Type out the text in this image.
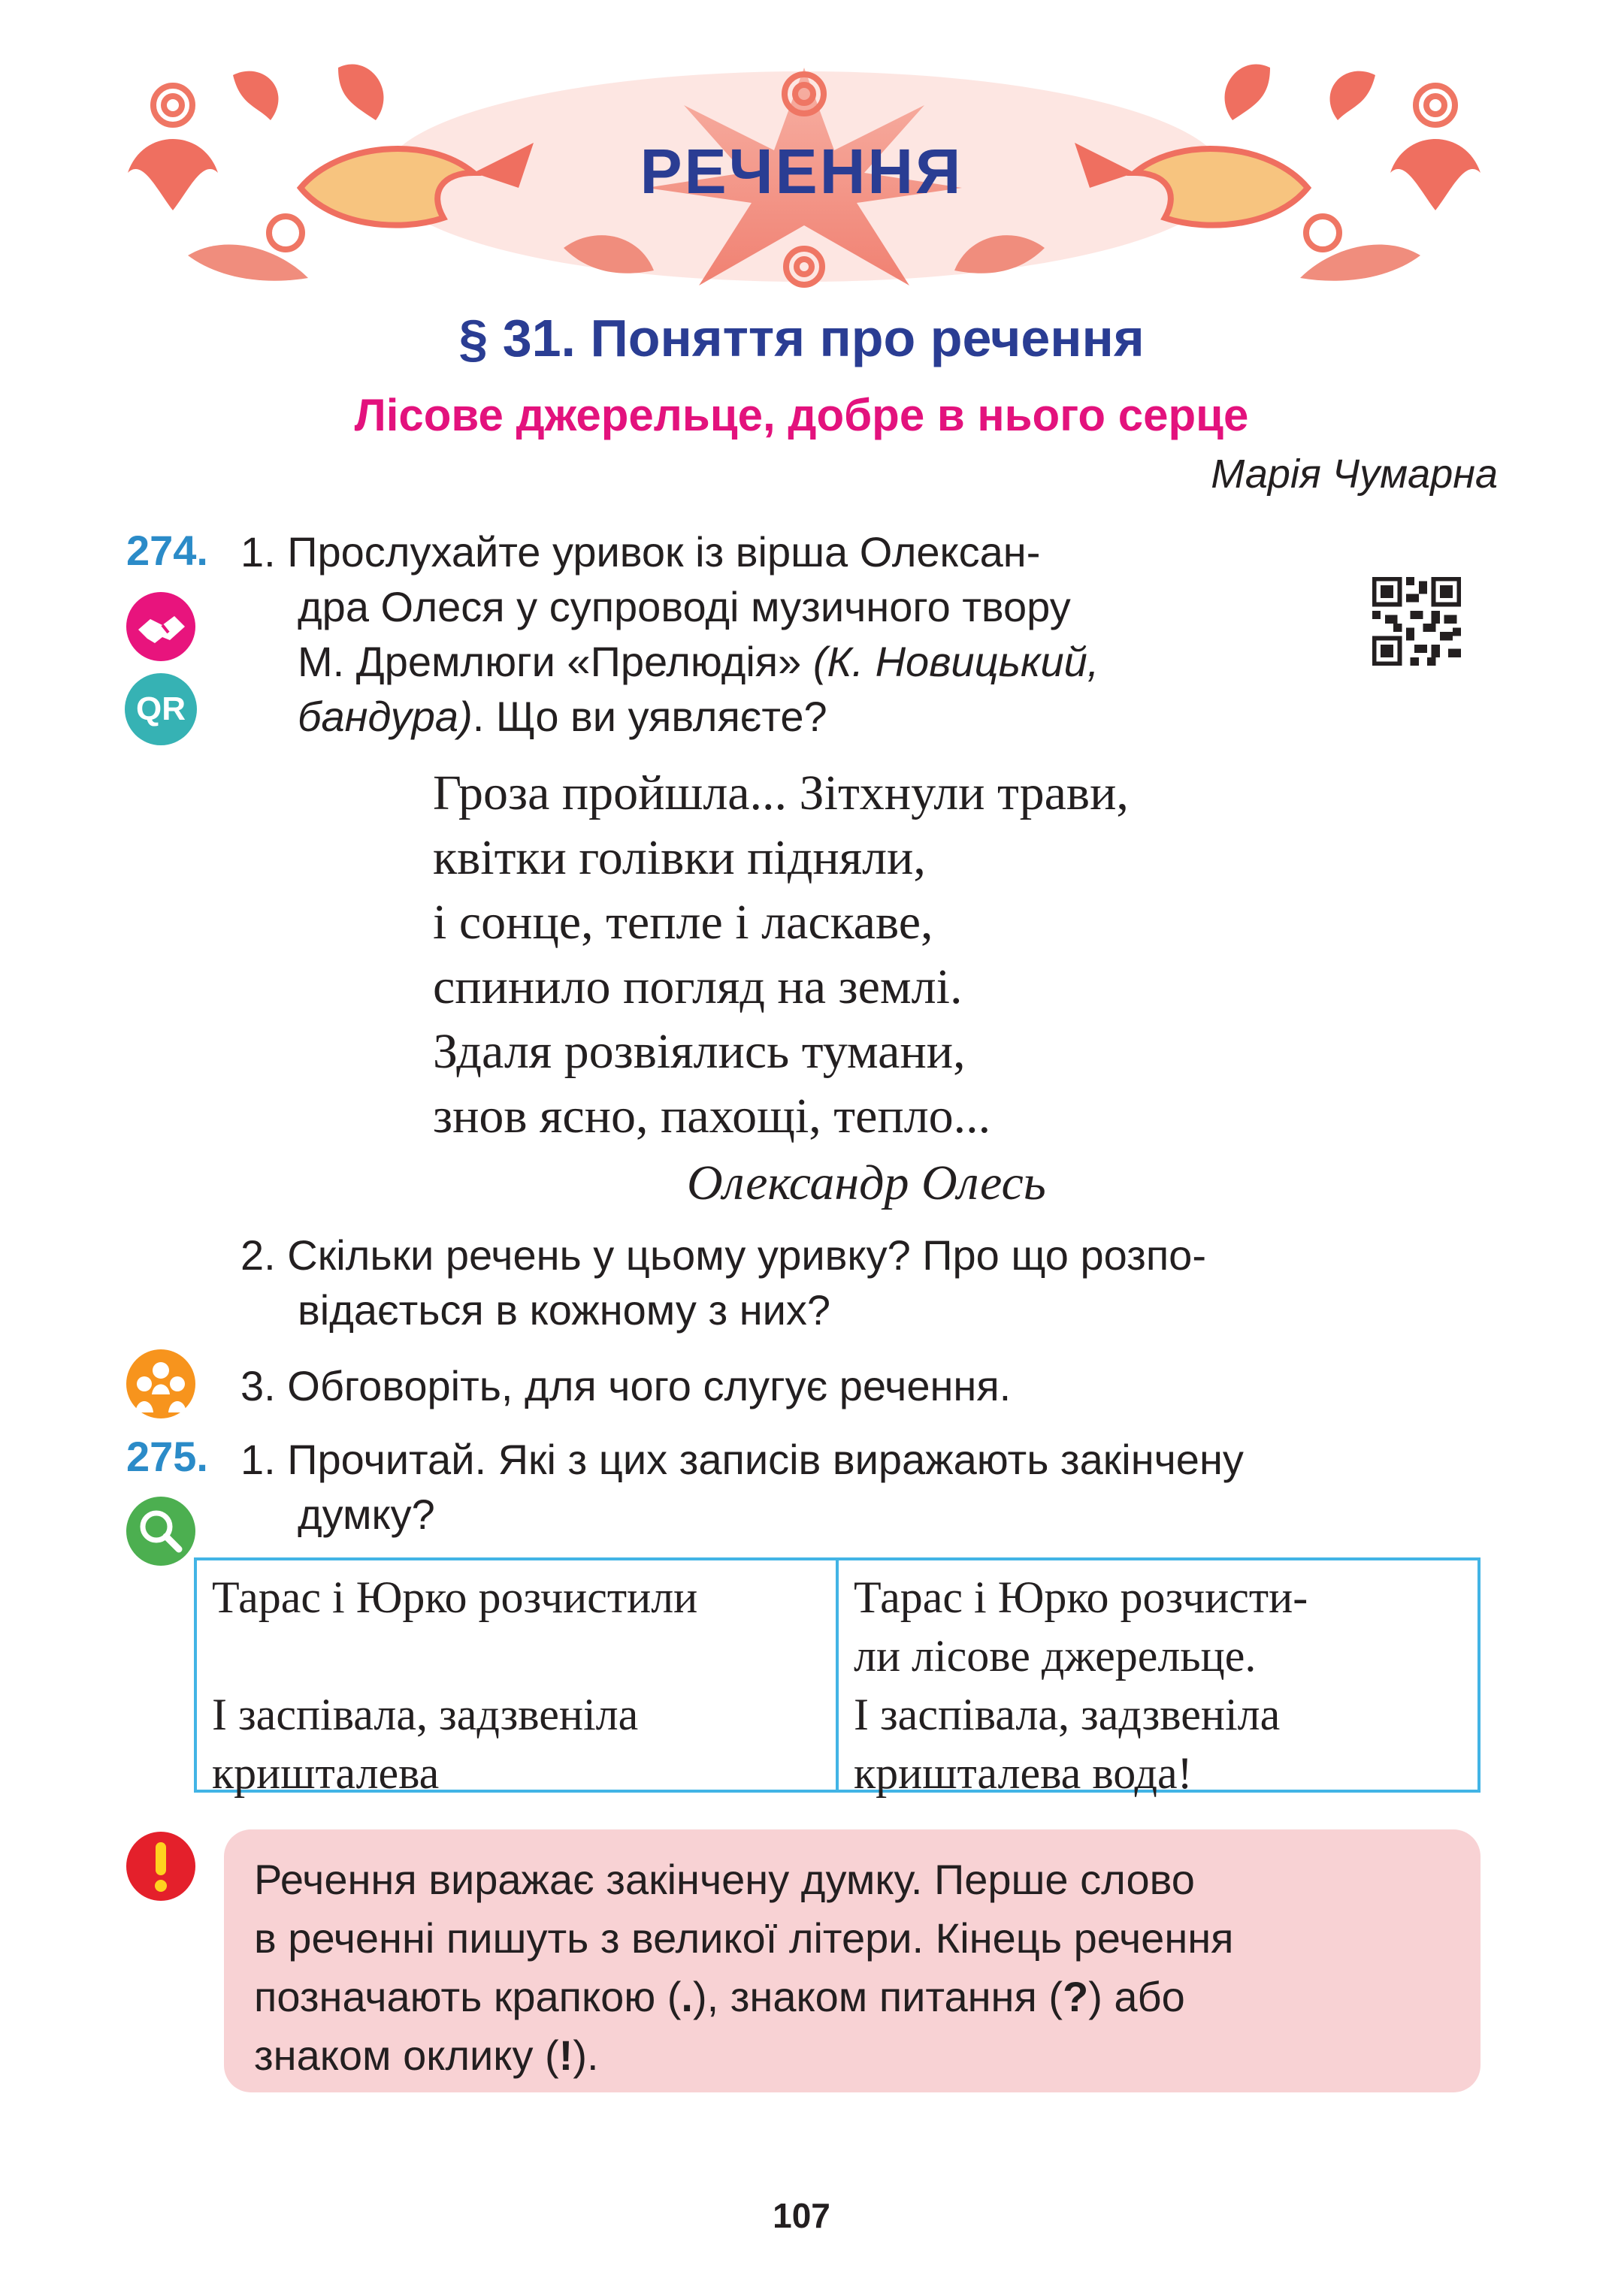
РЕЧЕННЯ
§ 31. Поняття про речення
Лісове джерельце, добре в нього серце
Марія Чумарна
274.
QR
1. Прослухайте уривок із вірша Олексан-
дра Олеся у супроводі музичного твору
М. Дремлюги «Прелюдія» (К. Новицький,
бандура). Що ви уявляєте?
Гроза пройшла... Зітхнули трави,
квітки голівки підняли,
і сонце, тепле і ласкаве,
спинило погляд на землі.
Здаля розвіялись тумани,
знов ясно, пахощі, тепло...
Олександр Олесь
2. Скільки речень у цьому уривку? Про що розпо-
відається в кожному з них?
3. Обговоріть, для чого слугує речення.
275. 1. Прочитай. Які з цих записів виражають закінчену
думку?
Тарас і Юрко розчистили
І заспівала, задзвеніла
кришталева
Тарас і Юрко розчисти-
ли лісове джерельце.
І заспівала, задзвеніла
кришталева вода!
Речення виражає закінчену думку. Перше слово
в реченні пишуть з великої літери. Кінець речення
позначають крапкою (.), знаком питання (?) або
знаком оклику (!).
107
